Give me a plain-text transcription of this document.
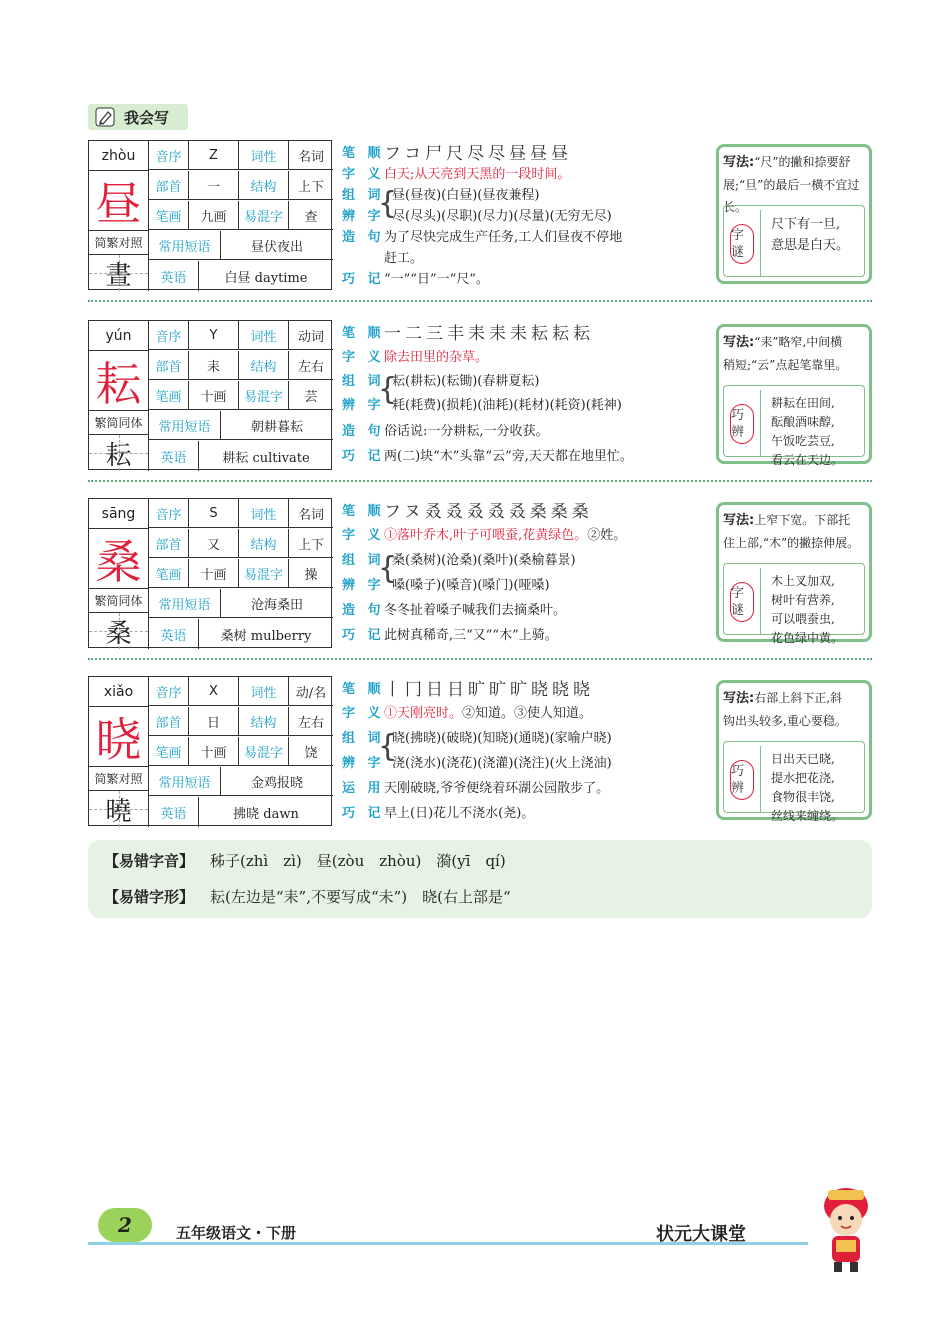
我会写
zhòu
昼
简繁对照
晝
音序	Z	词性	名词
部首	一	结构	上下
笔画	九画	易混字	查
常用短语	昼伏夜出
英语	白昼 daytime
笔 顺 フコ尸尺尽尽昼昼昼
字 义 白天;从天亮到天黑的一段时间。
组 词 昼(昼夜)(白昼)(昼夜兼程)
辨 字 尽(尽头)(尽职)(尽力)(尽量)(无穷无尽)
造 句 为了尽快完成生产任务,工人们昼夜不停地
赶工。
巧 记 “一”“日”一“尺”。
{
写法:“尺”的撇和捺要舒
展;“旦”的最后一横不宜过长。
字谜
尺下有一旦,
意思是白天。
yún
耘
繁简同体
耘
音序	Y	词性	动词
部首	耒	结构	左右
笔画	十画	易混字	芸
常用短语	朝耕暮耘
英语	耕耘 cultivate
笔 顺 一二三丰耒耒耒耘耘耘
字 义 除去田里的杂草。
组 词 耘(耕耘)(耘锄)(春耕夏耘)
辨 字 耗(耗费)(损耗)(油耗)(耗材)(耗资)(耗神)
造 句 俗话说:一分耕耘,一分收获。
巧 记 两(二)块“木”头靠“云”旁,天天都在地里忙。
{
写法:“耒”略窄,中间横
稍短;“云”点起笔靠里。
巧辨
耕耘在田间,
酝酿酒味醇,
午饭吃芸豆,
看云在天边。
sāng
桑
繁简同体
桑
音序	S	词性	名词
部首	又	结构	上下
笔画	十画	易混字	操
常用短语	沧海桑田
英语	桑树 mulberry
笔 顺 フヌ叒叒叒叒叒桑桑桑
字 义 ①落叶乔木,叶子可喂蚕,花黄绿色。 ②姓。
组 词 桑(桑树)(沧桑)(桑叶)(桑榆暮景)
辨 字 嗓(嗓子)(嗓音)(嗓门)(哑嗓)
造 句 冬冬扯着嗓子喊我们去摘桑叶。
巧 记 此树真稀奇,三“又”“木”上骑。
{
写法:上窄下宽。下部托
住上部,“木”的撇捺伸展。
字谜
木上叉加双,
树叶有营养,
可以喂蚕虫,
花色绿中黄。
xiǎo
晓
简繁对照
曉
音序	X	词性	动/名
部首	日	结构	左右
笔画	十画	易混字	饶
常用短语	金鸡报晓
英语	拂晓 dawn
笔 顺 丨冂日日旷旷旷晓晓晓
字 义 ①天刚亮时。 ②知道。③使人知道。
组 词 晓(拂晓)(破晓)(知晓)(通晓)(家喻户晓)
辨 字 浇(浇水)(浇花)(浇灌)(浇注)(火上浇油)
运 用 天刚破晓,爷爷便绕着环湖公园散步了。
巧 记 早上(日)花儿不浇水(尧)。
{
写法:右部上斜下正,斜
钩出头较多,重心要稳。
巧辨
日出天已晓,
提水把花浇,
食物很丰饶,
丝线来缠绕。
【易错字音】 秭子(zhì　zì)　昼(zòu　zhòu)　漪(yī　qí)
【易错字形】 耘(左边是“耒”,不要写成“未”)　晓(右上部是“
2	五年级语文・下册	状元大课堂
